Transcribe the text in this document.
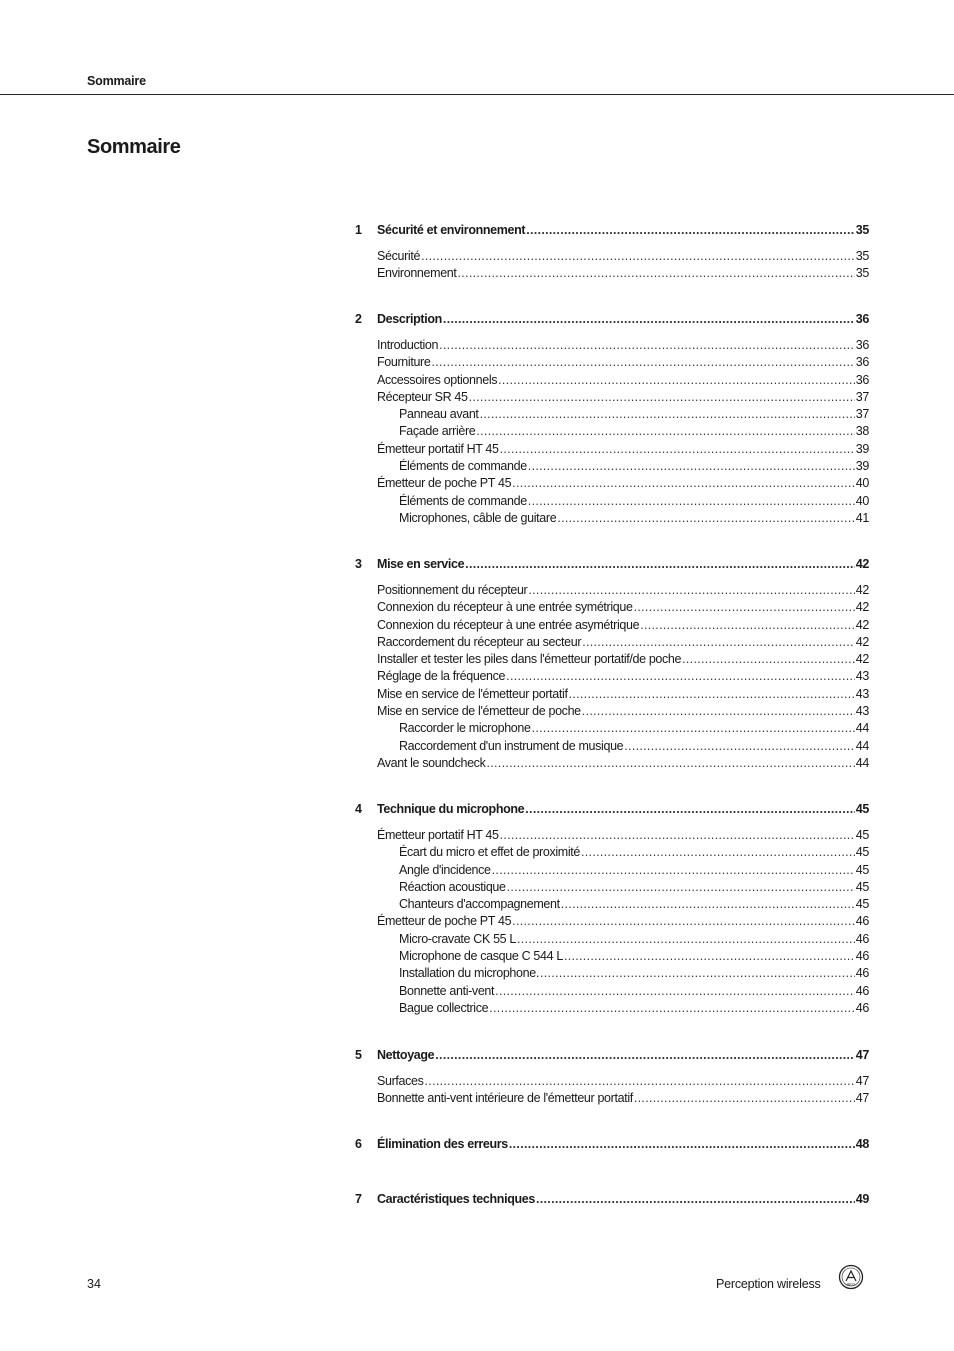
Sommaire
Sommaire
1 Sécurité et environnement .....	35
Sécurité .....	35
Environnement .....	35
2 Description .....	36
Introduction .....	36
Fourniture .....	36
Accessoires optionnels .....	36
Récepteur SR 45 .....	37
Panneau avant .....	37
Façade arrière .....	38
Émetteur portatif HT 45 .....	39
Éléments de commande .....	39
Émetteur de poche PT 45 .....	40
Éléments de commande .....	40
Microphones, câble de guitare .....	41
3 Mise en service .....	42
Positionnement du récepteur .....	42
Connexion du récepteur à une entrée symétrique .....	42
Connexion du récepteur à une entrée asymétrique .....	42
Raccordement du récepteur au secteur .....	42
Installer et tester les piles dans l'émetteur portatif/de poche .....	42
Réglage de la fréquence .....	43
Mise en service de l'émetteur portatif .....	43
Mise en service de l'émetteur de poche .....	43
Raccorder le microphone .....	44
Raccordement d'un instrument de musique .....	44
Avant le soundcheck .....	44
4 Technique du microphone .....	45
Émetteur portatif HT 45 .....	45
Écart du micro et effet de proximité .....	45
Angle d'incidence .....	45
Réaction acoustique .....	45
Chanteurs d'accompagnement .....	45
Émetteur de poche PT 45 .....	46
Micro-cravate CK 55 L .....	46
Microphone de casque C 544 L .....	46
Installation du microphone. .....	46
Bonnette anti-vent .....	46
Bague collectrice .....	46
5 Nettoyage .....	47
Surfaces .....	47
Bonnette anti-vent intérieure de l'émetteur portatif .....	47
6 Élimination des erreurs .....	48
7 Caractéristiques techniques .....	49
34	Perception wireless	AKG
